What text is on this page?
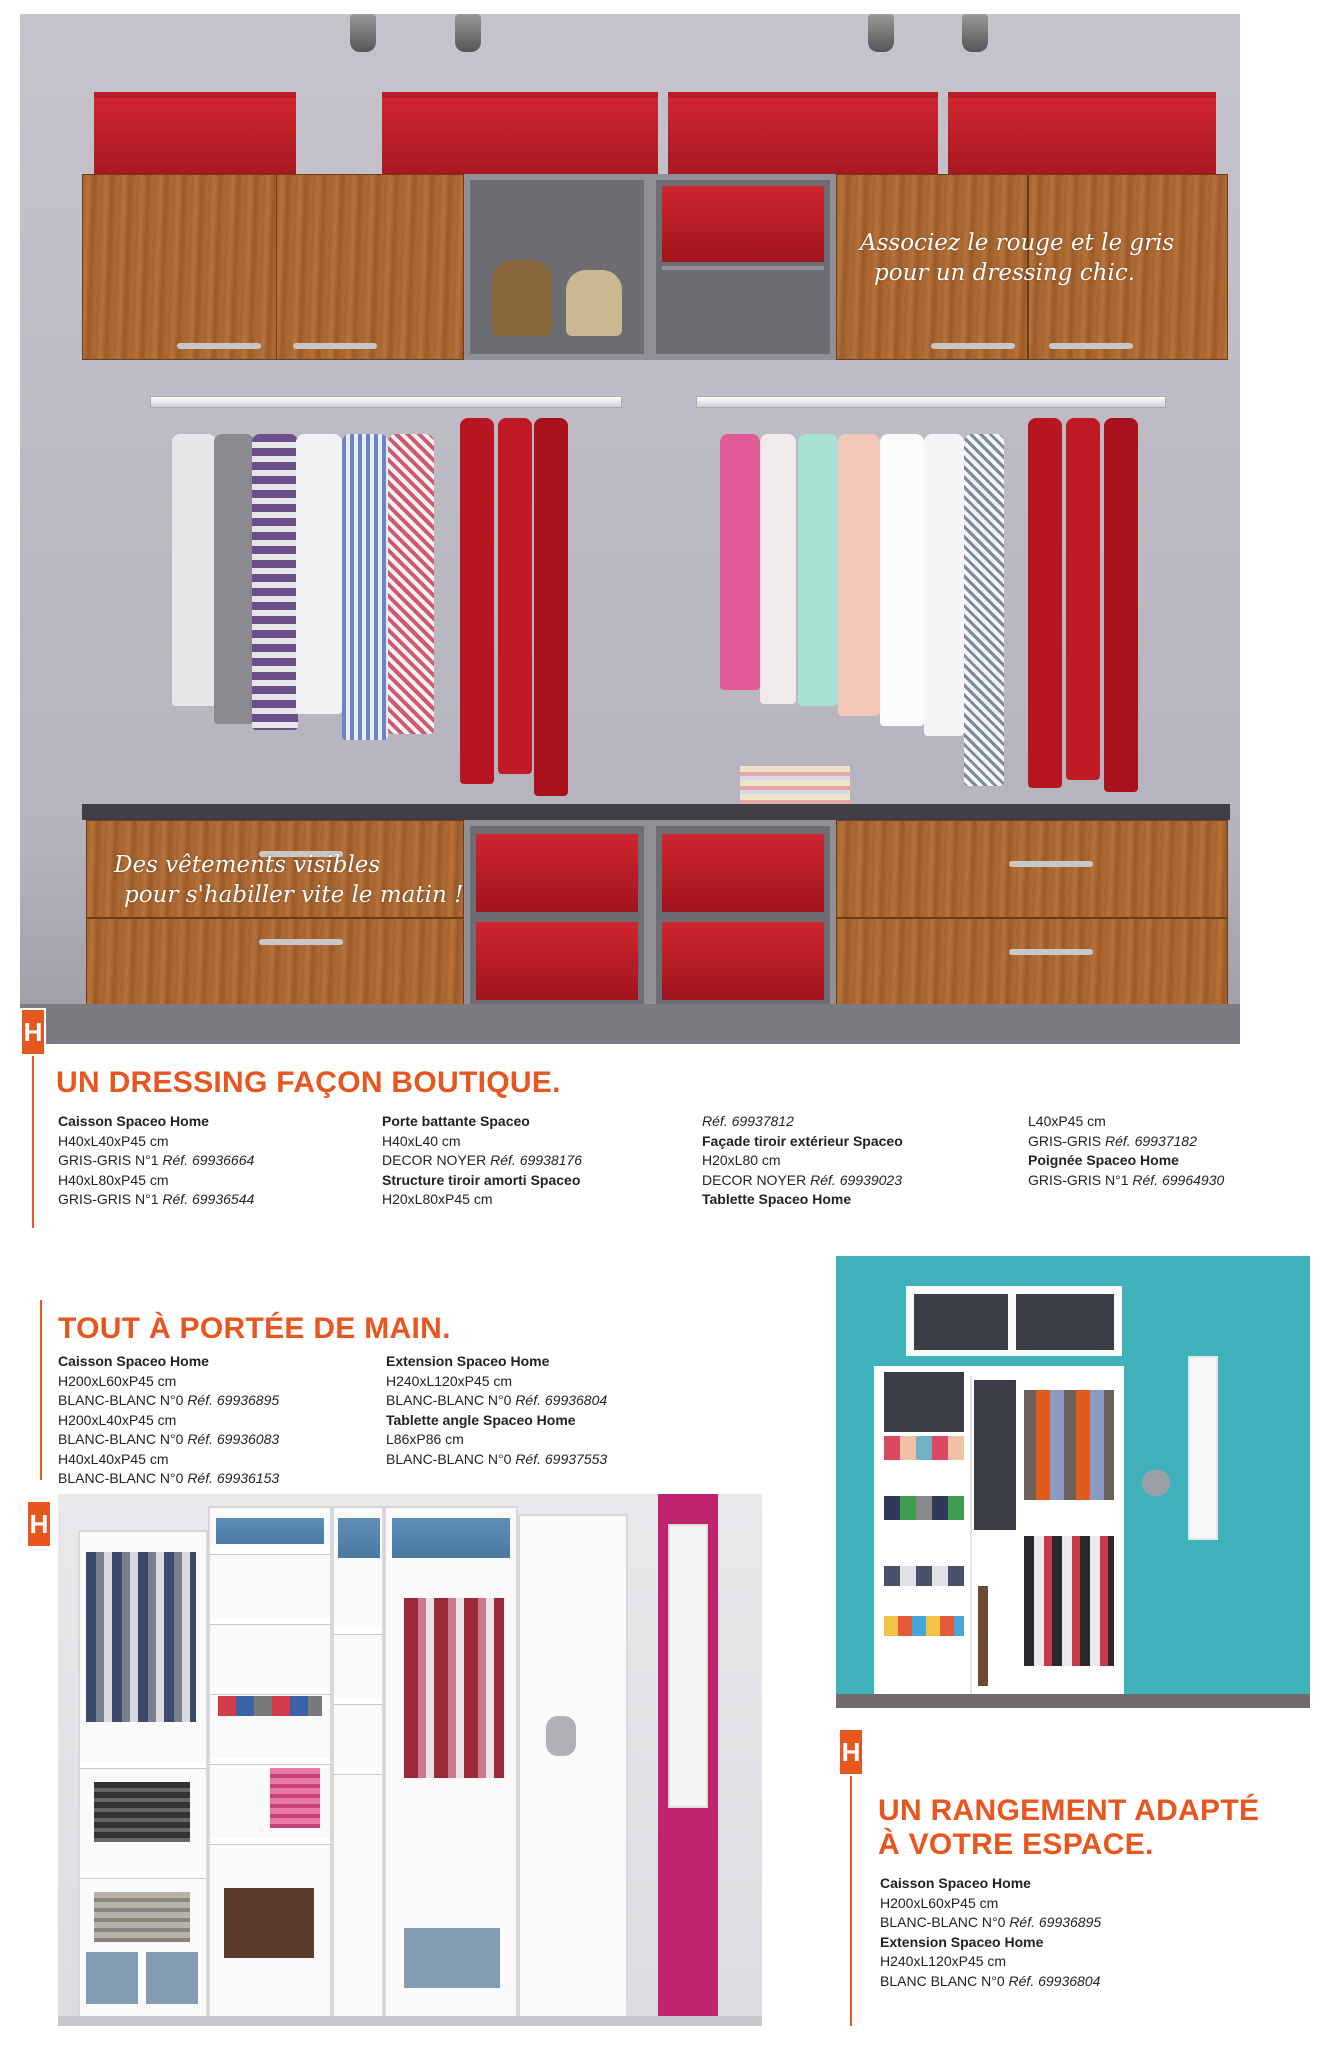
Associez le rouge et le gris
pour un dressing chic.
Des vêtements visibles
pour s'habiller vite le matin !
H
UN DRESSING FAÇON BOUTIQUE.
Caisson Spaceo Home
H40xL40xP45 cm
GRIS-GRIS N°1 Réf. 69936664
H40xL80xP45 cm
GRIS-GRIS N°1 Réf. 69936544
Porte battante Spaceo
H40xL40 cm
DECOR NOYER Réf. 69938176
Structure tiroir amorti Spaceo
H20xL80xP45 cm
Réf. 69937812
Façade tiroir extérieur Spaceo
H20xL80 cm
DECOR NOYER Réf. 69939023
Tablette Spaceo Home
L40xP45 cm
GRIS-GRIS Réf. 69937182
Poignée Spaceo Home
GRIS-GRIS N°1 Réf. 69964930
TOUT À PORTÉE DE MAIN.
Caisson Spaceo Home
H200xL60xP45 cm
BLANC-BLANC N°0 Réf. 69936895
H200xL40xP45 cm
BLANC-BLANC N°0 Réf. 69936083
H40xL40xP45 cm
BLANC-BLANC N°0 Réf. 69936153
Extension Spaceo Home
H240xL120xP45 cm
BLANC-BLANC N°0 Réf. 69936804
Tablette angle Spaceo Home
L86xP86 cm
BLANC-BLANC N°0 Réf. 69937553
H
H
UN RANGEMENT ADAPTÉ
À VOTRE ESPACE.
Caisson Spaceo Home
H200xL60xP45 cm
BLANC-BLANC N°0 Réf. 69936895
Extension Spaceo Home
H240xL120xP45 cm
BLANC BLANC N°0 Réf. 69936804
